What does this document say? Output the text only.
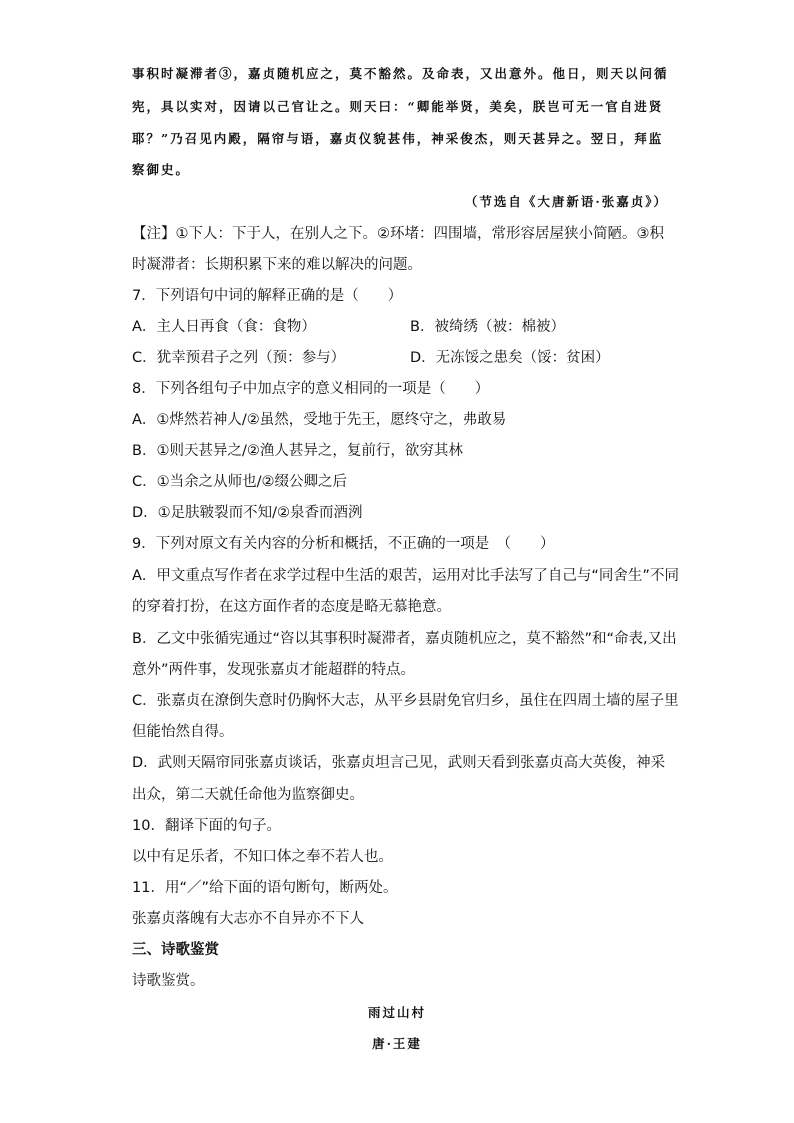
事积时凝滞者③，嘉贞随机应之，莫不豁然。及命表，又出意外。他日，则天以问循
宪，具以实对，因请以己官让之。则天曰：“卿能举贤，美矣，朕岂可无一官自进贤
耶？”乃召见内殿，隔帘与语，嘉贞仪貌甚伟，神采俊杰，则天甚异之。翌日，拜监
察御史。
（节选自《大唐新语·张嘉贞》）
【注】①下人：下于人，在别人之下。②环堵：四围墙，常形容居屋狭小简陋。③积
时凝滞者：长期积累下来的难以解决的问题。
7．下列语句中词的解释正确的是（　　）
A．主人日再食（食：食物）	B．被绮绣（被：棉被）
C．犹幸预君子之列（预：参与）	D．无冻馁之患矣（馁：贫困）
8．下列各组句子中加点字的意义相同的一项是（　　）
A．①烨然若神人/②虽然，受地于先王，愿终守之，弗敢易
B．①则天甚异之/②渔人甚异之，复前行，欲穷其林
C．①当余之从师也/②缀公卿之后
D．①足肤皲裂而不知/②泉香而酒洌
9．下列对原文有关内容的分析和概括，不正确的一项是　（　　）
A．甲文重点写作者在求学过程中生活的艰苦，运用对比手法写了自己与“同舍生”不同
的穿着打扮，在这方面作者的态度是略无慕艳意。
B．乙文中张循宪通过“咨以其事积时凝滞者，嘉贞随机应之，莫不豁然”和“命表,又出
意外”两件事，发现张嘉贞才能超群的特点。
C．张嘉贞在潦倒失意时仍胸怀大志，从平乡县尉免官归乡，虽住在四周土墙的屋子里
但能怡然自得。
D．武则天隔帘同张嘉贞谈话，张嘉贞坦言己见，武则天看到张嘉贞高大英俊，神采
出众，第二天就任命他为监察御史。
10．翻译下面的句子。
以中有足乐者，不知口体之奉不若人也。
11．用“／”给下面的语句断句，断两处。
张嘉贞落魄有大志亦不自异亦不下人
三、诗歌鉴赏
诗歌鉴赏。
雨过山村
唐·王建
